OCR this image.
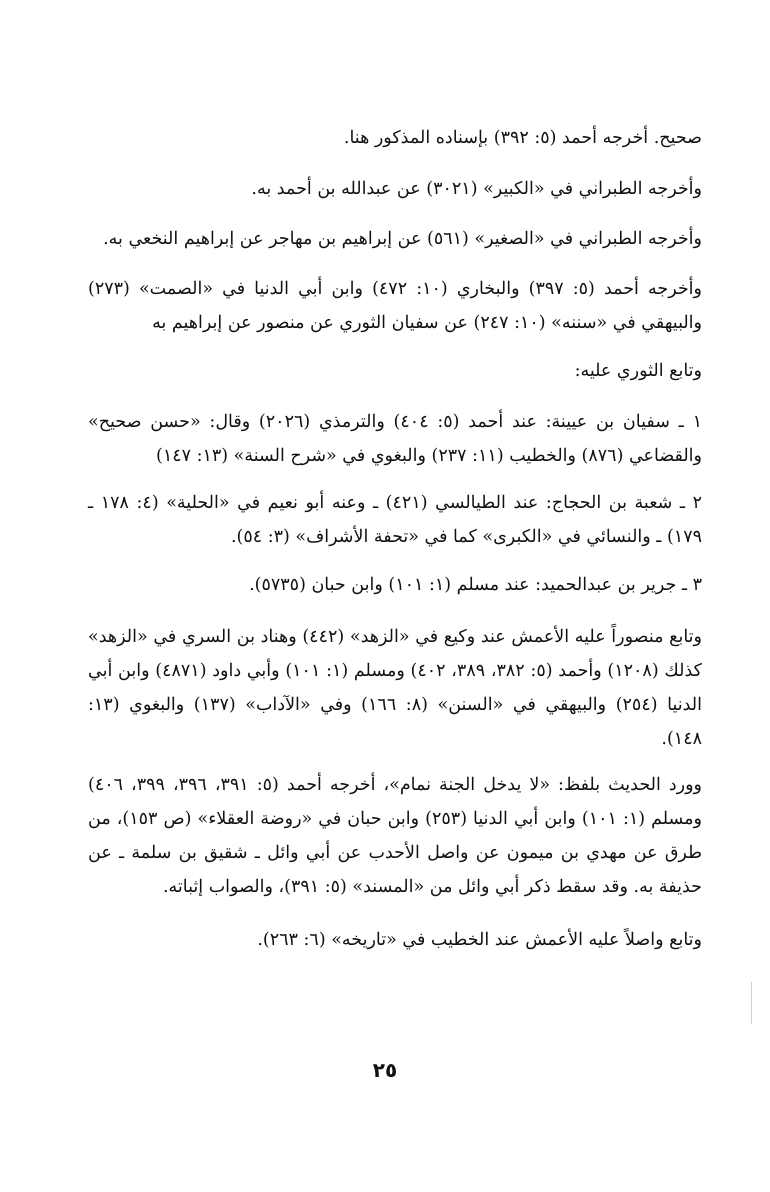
صحيح. أخرجه أحمد (٥: ٣٩٢) بإسناده المذكور هنا.
وأخرجه الطبراني في «الكبير» (٣٠٢١) عن عبدالله بن أحمد به.
وأخرجه الطبراني في «الصغير» (٥٦١) عن إبراهيم بن مهاجر عن إبراهيم النخعي به.
وأخرجه أحمد (٥: ٣٩٧) والبخاري (١٠: ٤٧٢) وابن أبي الدنيا في «الصمت» (٢٧٣) والبيهقي في «سننه» (١٠: ٢٤٧) عن سفيان الثوري عن منصور عن إبراهيم به
وتابع الثوري عليه:
١ ـ سفيان بن عيينة: عند أحمد (٥: ٤٠٤) والترمذي (٢٠٢٦) وقال: «حسن صحيح» والقضاعي (٨٧٦) والخطيب (١١: ٢٣٧) والبغوي في «شرح السنة» (١٣: ١٤٧)
٢ ـ شعبة بن الحجاج: عند الطيالسي (٤٢١) ـ وعنه أبو نعيم في «الحلية» (٤: ١٧٨ ـ ١٧٩) ـ والنسائي في «الكبرى» كما في «تحفة الأشراف» (٣: ٥٤).
٣ ـ جرير بن عبدالحميد: عند مسلم (١: ١٠١) وابن حبان (٥٧٣٥).
وتابع منصوراً عليه الأعمش عند وكيع في «الزهد» (٤٤٢) وهناد بن السري في «الزهد» كذلك (١٢٠٨) وأحمد (٥: ٣٨٢، ٣٨٩، ٤٠٢) ومسلم (١: ١٠١) وأبي داود (٤٨٧١) وابن أبي الدنيا (٢٥٤) والبيهقي في «السنن» (٨: ١٦٦) وفي «الآداب» (١٣٧) والبغوي (١٣: ١٤٨).
وورد الحديث بلفظ: «لا يدخل الجنة نمام»، أخرجه أحمد (٥: ٣٩١، ٣٩٦، ٣٩٩، ٤٠٦) ومسلم (١: ١٠١) وابن أبي الدنيا (٢٥٣) وابن حبان في «روضة العقلاء» (ص ١٥٣)، من طرق عن مهدي بن ميمون عن واصل الأحدب عن أبي وائل ـ شقيق بن سلمة ـ عن حذيفة به. وقد سقط ذكر أبي وائل من «المسند» (٥: ٣٩١)، والصواب إثباته.
وتابع واصلاً عليه الأعمش عند الخطيب في «تاريخه» (٦: ٢٦٣).
٢٥
